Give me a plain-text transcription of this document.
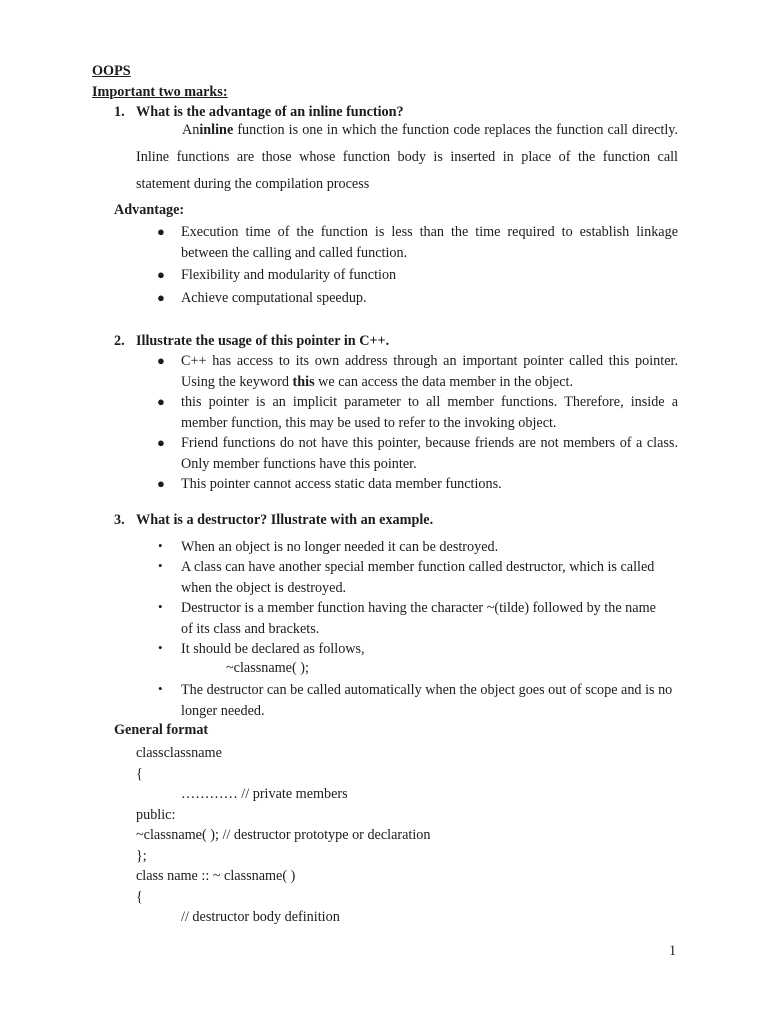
OOPS
Important two marks:
1. What is the advantage of an inline function?
Aninline function is one in which the function code replaces the function call directly. Inline functions are those whose function body is inserted in place of the function call statement during the compilation process
Advantage:
● Execution time of the function is less than the time required to establish linkage between the calling and called function.
● Flexibility and modularity of function
● Achieve computational speedup.
2. Illustrate the usage of this pointer in C++.
● C++ has access to its own address through an important pointer called this pointer. Using the keyword this we can access the data member in the object.
● this pointer is an implicit parameter to all member functions. Therefore, inside a member function, this may be used to refer to the invoking object.
● Friend functions do not have this pointer, because friends are not members of a class. Only member functions have this pointer.
● This pointer cannot access static data member functions.
3. What is a destructor? Illustrate with an example.
• When an object is no longer needed it can be destroyed.
• A class can have another special member function called destructor, which is called when the object is destroyed.
• Destructor is a member function having the character ~(tilde) followed by the name of its class and brackets.
• It should be declared as follows,
~classname( );
• The destructor can be called automatically when the object goes out of scope and is no longer needed.
General format
classclassname
{
………… // private members
public:
~classname( ); // destructor prototype or declaration
};
class name :: ~ classname( )
{
// destructor body definition
1
